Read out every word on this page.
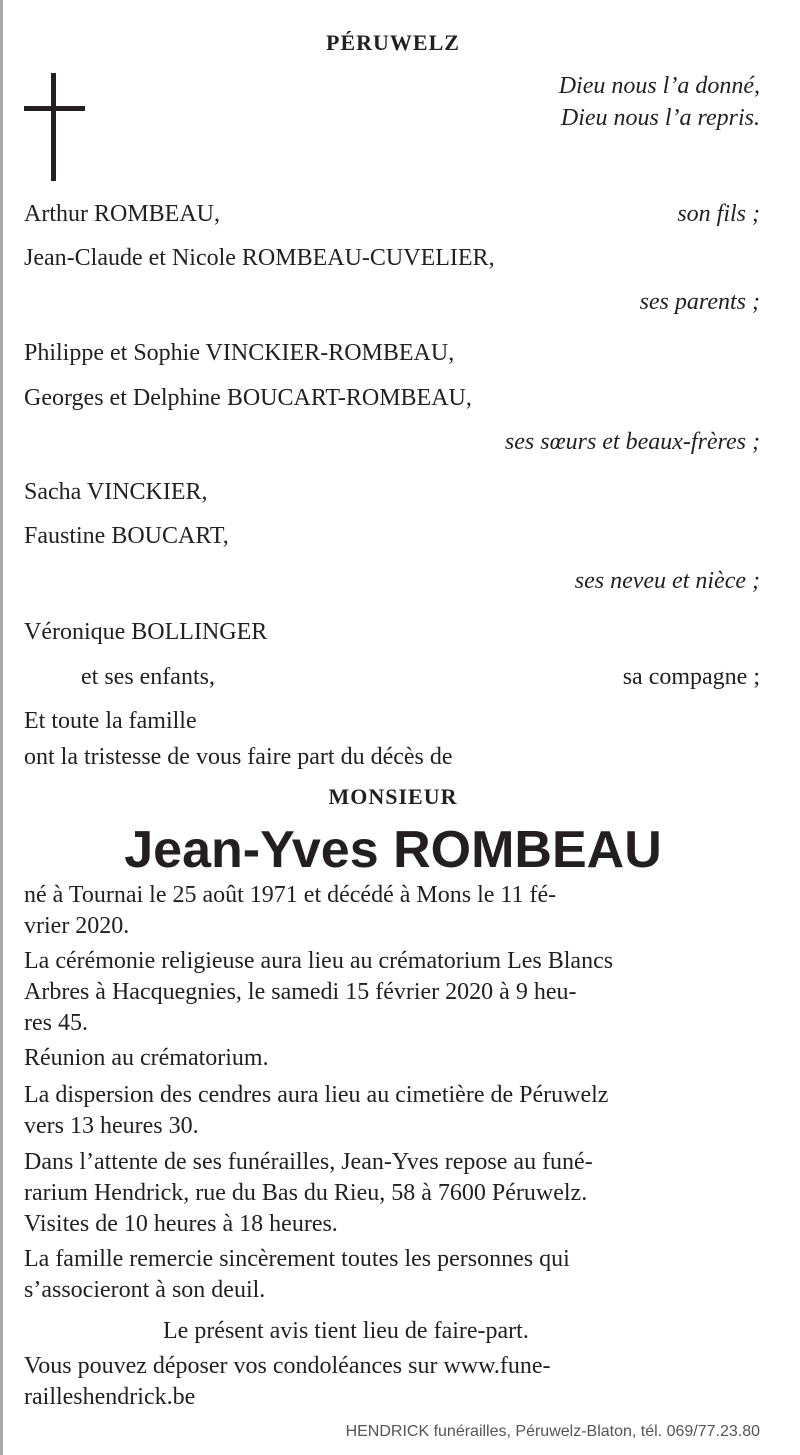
PÉRUWELZ
Dieu nous l’a donné,
Dieu nous l’a repris.
Arthur ROMBEAU,	son fils ;
Jean-Claude et Nicole ROMBEAU-CUVELIER,
ses parents ;
Philippe et Sophie VINCKIER-ROMBEAU,
Georges et Delphine BOUCART-ROMBEAU,
ses sœurs et beaux-frères ;
Sacha VINCKIER,
Faustine BOUCART,
ses neveu et nièce ;
Véronique BOLLINGER
et ses enfants,	sa compagne ;
Et toute la famille
ont la tristesse de vous faire part du décès de
MONSIEUR
Jean-Yves ROMBEAU
né à Tournai le 25 août 1971 et décédé à Mons le 11 fé-
vrier 2020.
La cérémonie religieuse aura lieu au crématorium Les Blancs
Arbres à Hacquegnies, le samedi 15 février 2020 à 9 heu-
res 45.
Réunion au crématorium.
La dispersion des cendres aura lieu au cimetière de Péruwelz
vers 13 heures 30.
Dans l’attente de ses funérailles, Jean-Yves repose au funé-
rarium Hendrick, rue du Bas du Rieu, 58 à 7600 Péruwelz.
Visites de 10 heures à 18 heures.
La famille remercie sincèrement toutes les personnes qui
s’associeront à son deuil.
Le présent avis tient lieu de faire-part.
Vous pouvez déposer vos condoléances sur www.fune-
railleshendrick.be
HENDRICK funérailles, Péruwelz-Blaton, tél. 069/77.23.80
